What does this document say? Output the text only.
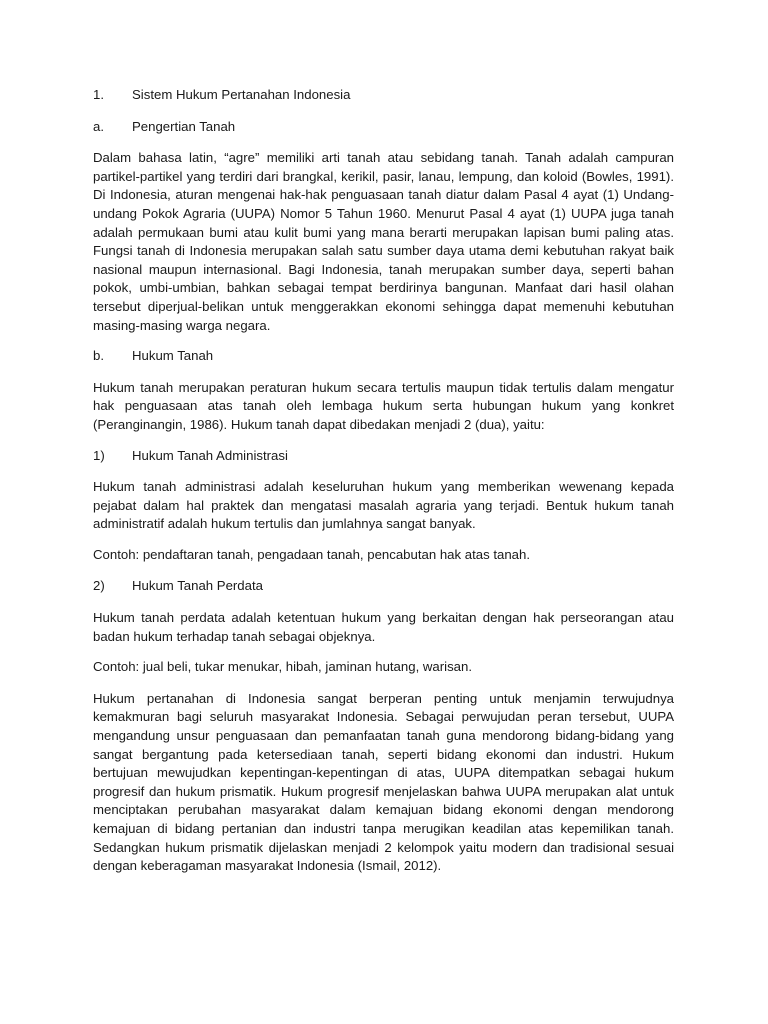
1.	Sistem Hukum Pertanahan Indonesia
a.	Pengertian Tanah

Dalam bahasa latin, “agre” memiliki arti tanah atau sebidang tanah. Tanah adalah campuran partikel-partikel yang terdiri dari brangkal, kerikil, pasir, lanau, lempung, dan koloid (Bowles, 1991). Di Indonesia, aturan mengenai hak-hak penguasaan tanah diatur dalam Pasal 4 ayat (1) Undang-undang Pokok Agraria (UUPA) Nomor 5 Tahun 1960. Menurut Pasal 4 ayat (1) UUPA juga tanah adalah permukaan bumi atau kulit bumi yang mana berarti merupakan lapisan bumi paling atas. Fungsi tanah di Indonesia merupakan salah satu sumber daya utama demi kebutuhan rakyat baik nasional maupun internasional. Bagi Indonesia, tanah merupakan sumber daya, seperti bahan pokok, umbi-umbian, bahkan sebagai tempat berdirinya bangunan. Manfaat dari hasil olahan tersebut diperjual-belikan untuk menggerakkan ekonomi sehingga dapat memenuhi kebutuhan masing-masing warga negara.

b.	Hukum Tanah

Hukum tanah merupakan peraturan hukum secara tertulis maupun tidak tertulis dalam mengatur hak penguasaan atas tanah oleh lembaga hukum serta hubungan hukum yang konkret (Peranginangin, 1986). Hukum tanah dapat dibedakan menjadi 2 (dua), yaitu:

1)	Hukum Tanah Administrasi

Hukum tanah administrasi adalah keseluruhan hukum yang memberikan wewenang kepada pejabat dalam hal praktek dan mengatasi masalah agraria yang terjadi. Bentuk hukum tanah administratif adalah hukum tertulis dan jumlahnya sangat banyak.

Contoh: pendaftaran tanah, pengadaan tanah, pencabutan hak atas tanah.

2)	Hukum Tanah Perdata

Hukum tanah perdata adalah ketentuan hukum yang berkaitan dengan hak perseorangan atau badan hukum terhadap tanah sebagai objeknya.

Contoh: jual beli, tukar menukar, hibah, jaminan hutang, warisan.

Hukum pertanahan di Indonesia sangat berperan penting untuk menjamin terwujudnya kemakmuran bagi seluruh masyarakat Indonesia. Sebagai perwujudan peran tersebut, UUPA mengandung unsur penguasaan dan pemanfaatan tanah guna mendorong bidang-bidang yang sangat bergantung pada ketersediaan tanah, seperti bidang ekonomi dan industri. Hukum bertujuan mewujudkan kepentingan-kepentingan di atas, UUPA ditempatkan sebagai hukum progresif dan hukum prismatik. Hukum progresif menjelaskan bahwa UUPA merupakan alat untuk menciptakan perubahan masyarakat dalam kemajuan bidang ekonomi dengan mendorong kemajuan di bidang pertanian dan industri tanpa merugikan keadilan atas kepemilikan tanah. Sedangkan hukum prismatik dijelaskan menjadi 2 kelompok yaitu modern dan tradisional sesuai dengan keberagaman masyarakat Indonesia (Ismail, 2012).
